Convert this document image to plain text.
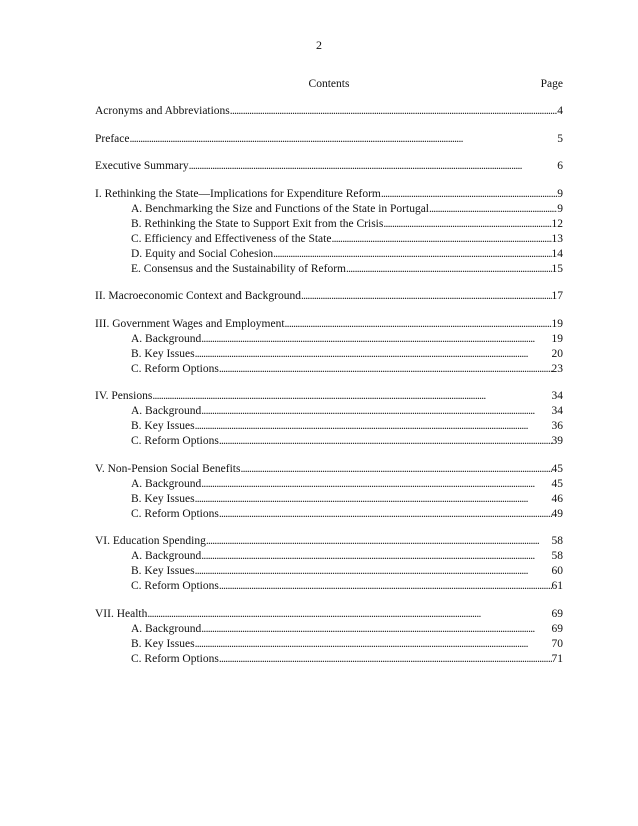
2
Contents	Page
Acronyms and Abbreviations . . .	4
Preface . . .	5
Executive Summary . . .	6
I. Rethinking the State—Implications for Expenditure Reform . . .	9
A. Benchmarking the Size and Functions of the State in Portugal . . .	9
B. Rethinking the State to Support Exit from the Crisis . . .	12
C. Efficiency and Effectiveness of the State . . .	13
D. Equity and Social Cohesion . . .	14
E. Consensus and the Sustainability of Reform . . .	15
II. Macroeconomic Context and Background . . .	17
III. Government Wages and Employment . . .	19
A. Background . . .	19
B. Key Issues . . .	20
C. Reform Options . . .	23
IV. Pensions . . .	34
A. Background . . .	34
B. Key Issues . . .	36
C. Reform Options . . .	39
V. Non-Pension Social Benefits . . .	45
A. Background . . .	45
B. Key Issues . . .	46
C. Reform Options . . .	49
VI. Education Spending . . .	58
A. Background . . .	58
B. Key Issues . . .	60
C. Reform Options . . .	61
VII. Health . . .	69
A. Background . . .	69
B. Key Issues . . .	70
C. Reform Options . . .	71
